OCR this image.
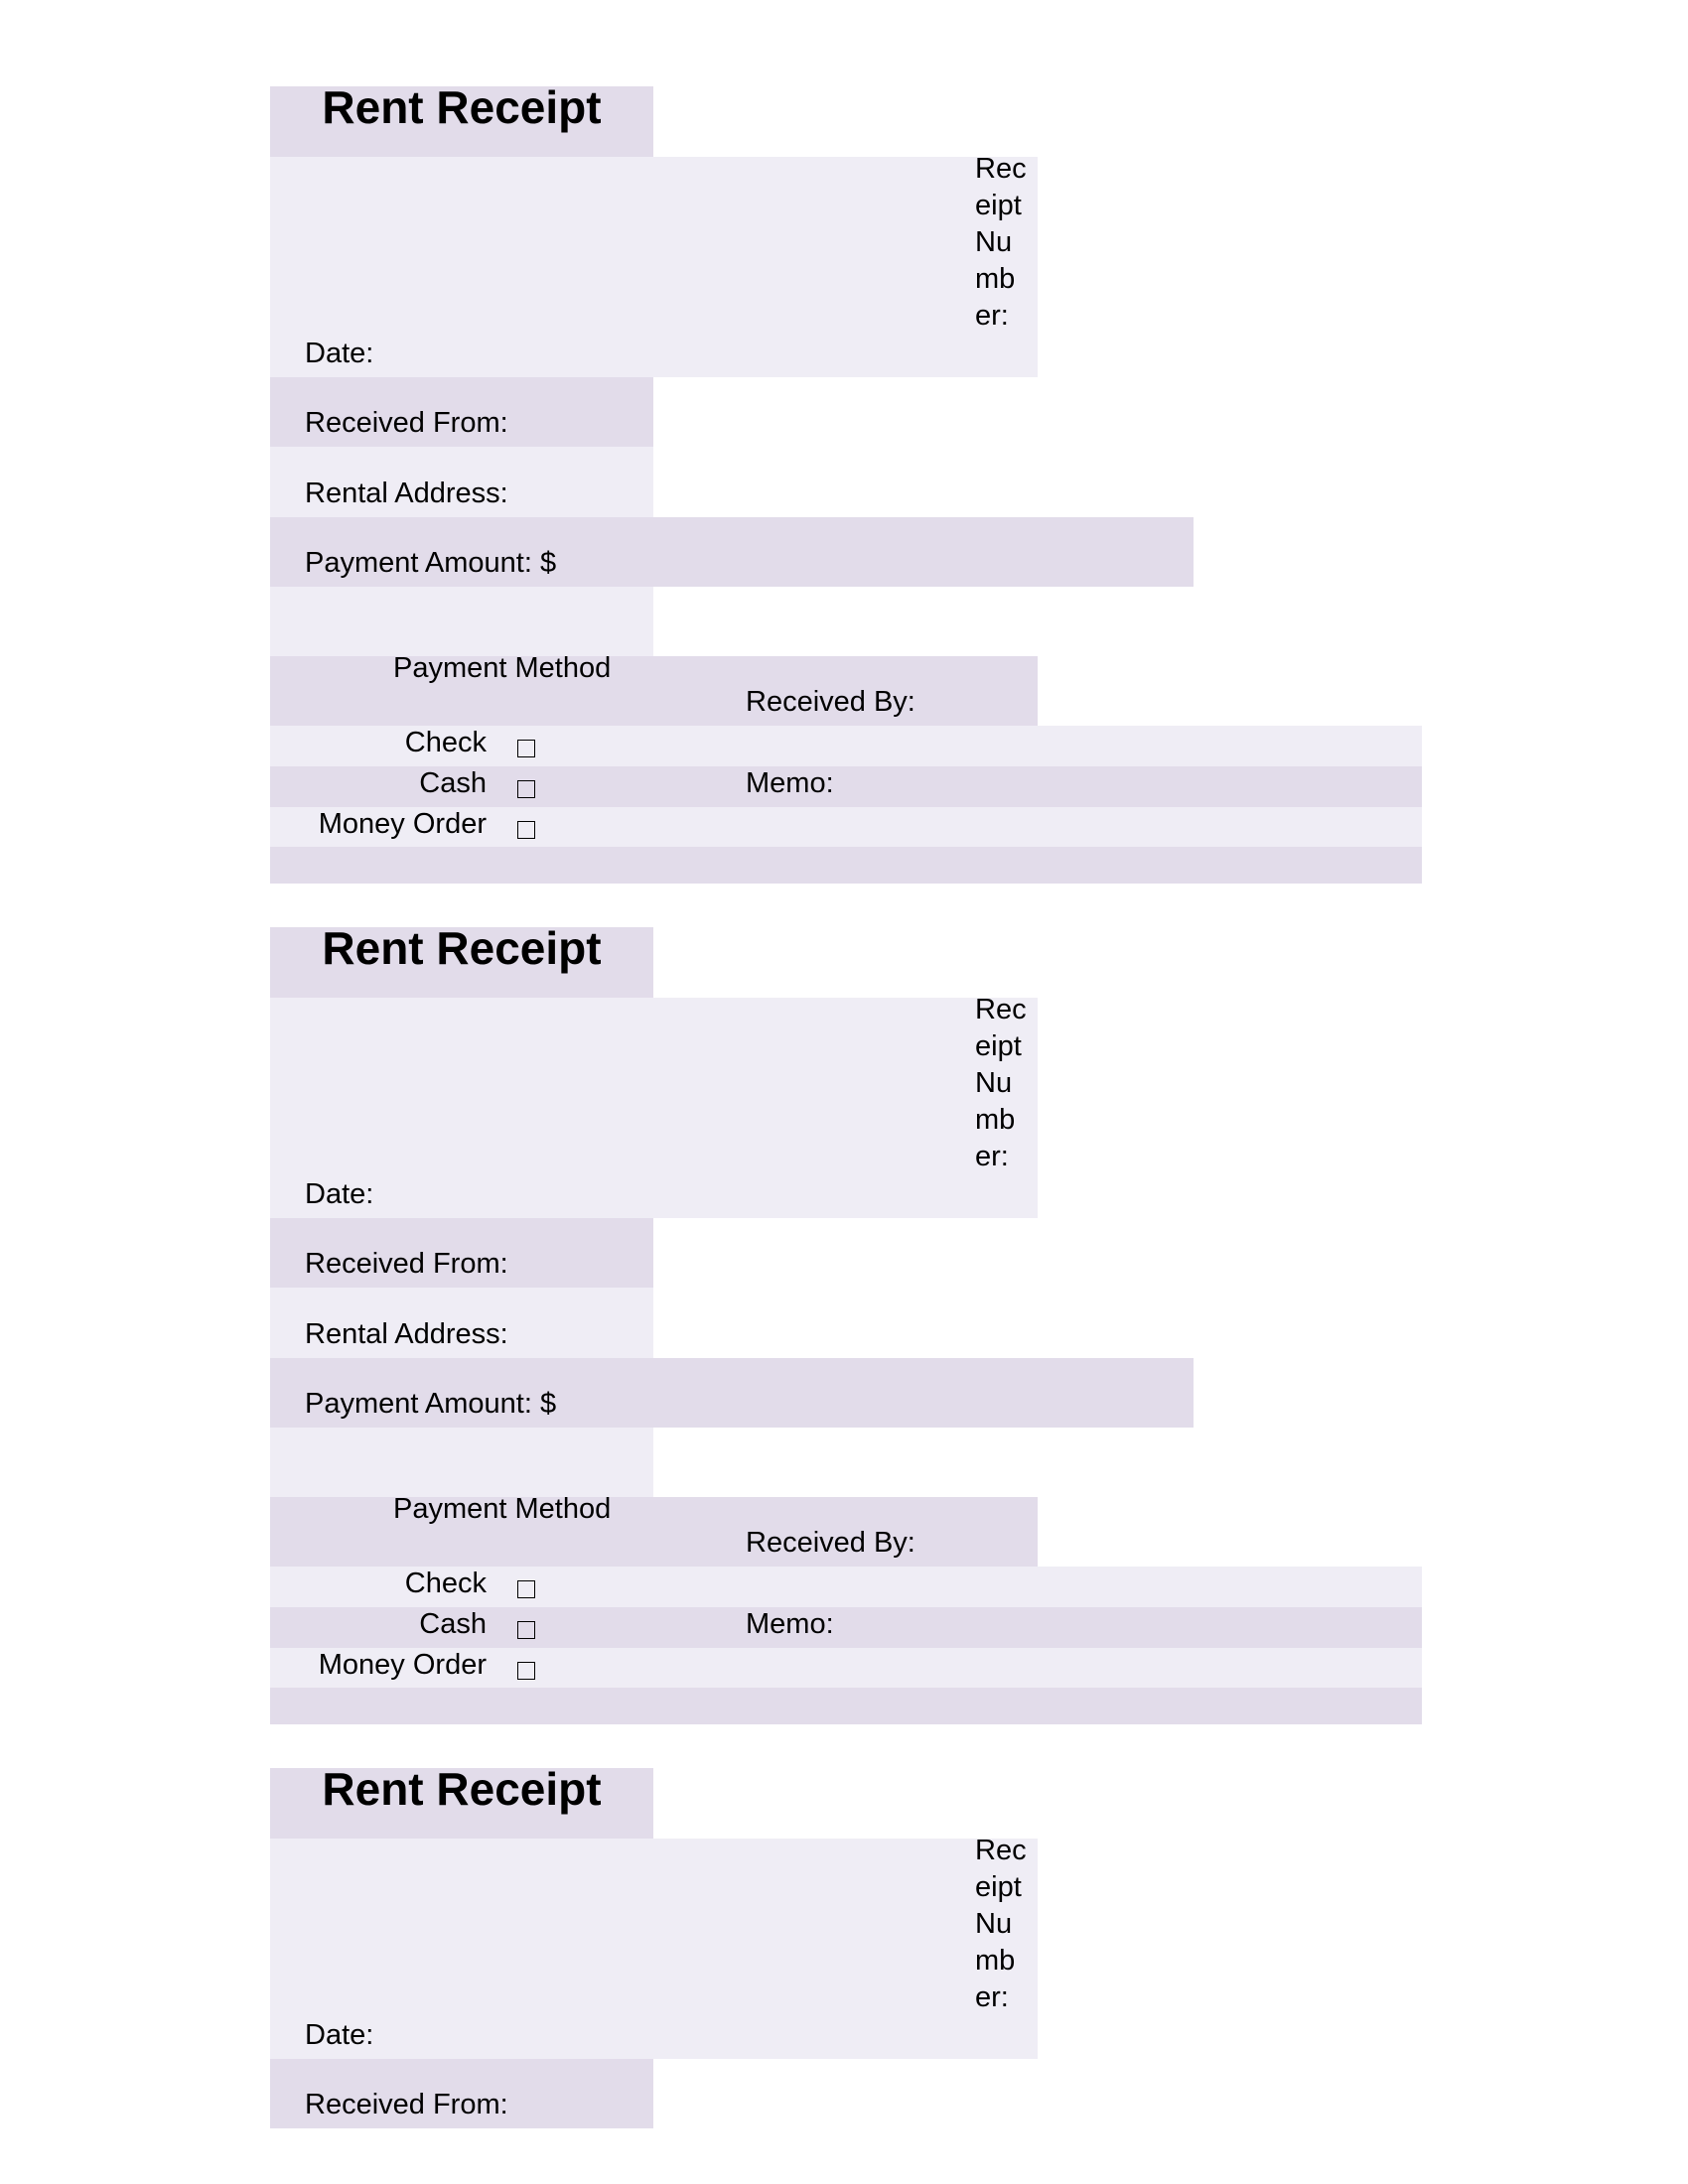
Rent Receipt
Receipt Number:
Date:
Received From:
Rental Address:
Payment Amount: $
Payment Method
Received By:
Memo:
Check
Cash
Money Order
Rent Receipt
Receipt Number:
Date:
Received From:
Rental Address:
Payment Amount: $
Payment Method
Received By:
Memo:
Check
Cash
Money Order
Rent Receipt
Receipt Number:
Date:
Received From:
